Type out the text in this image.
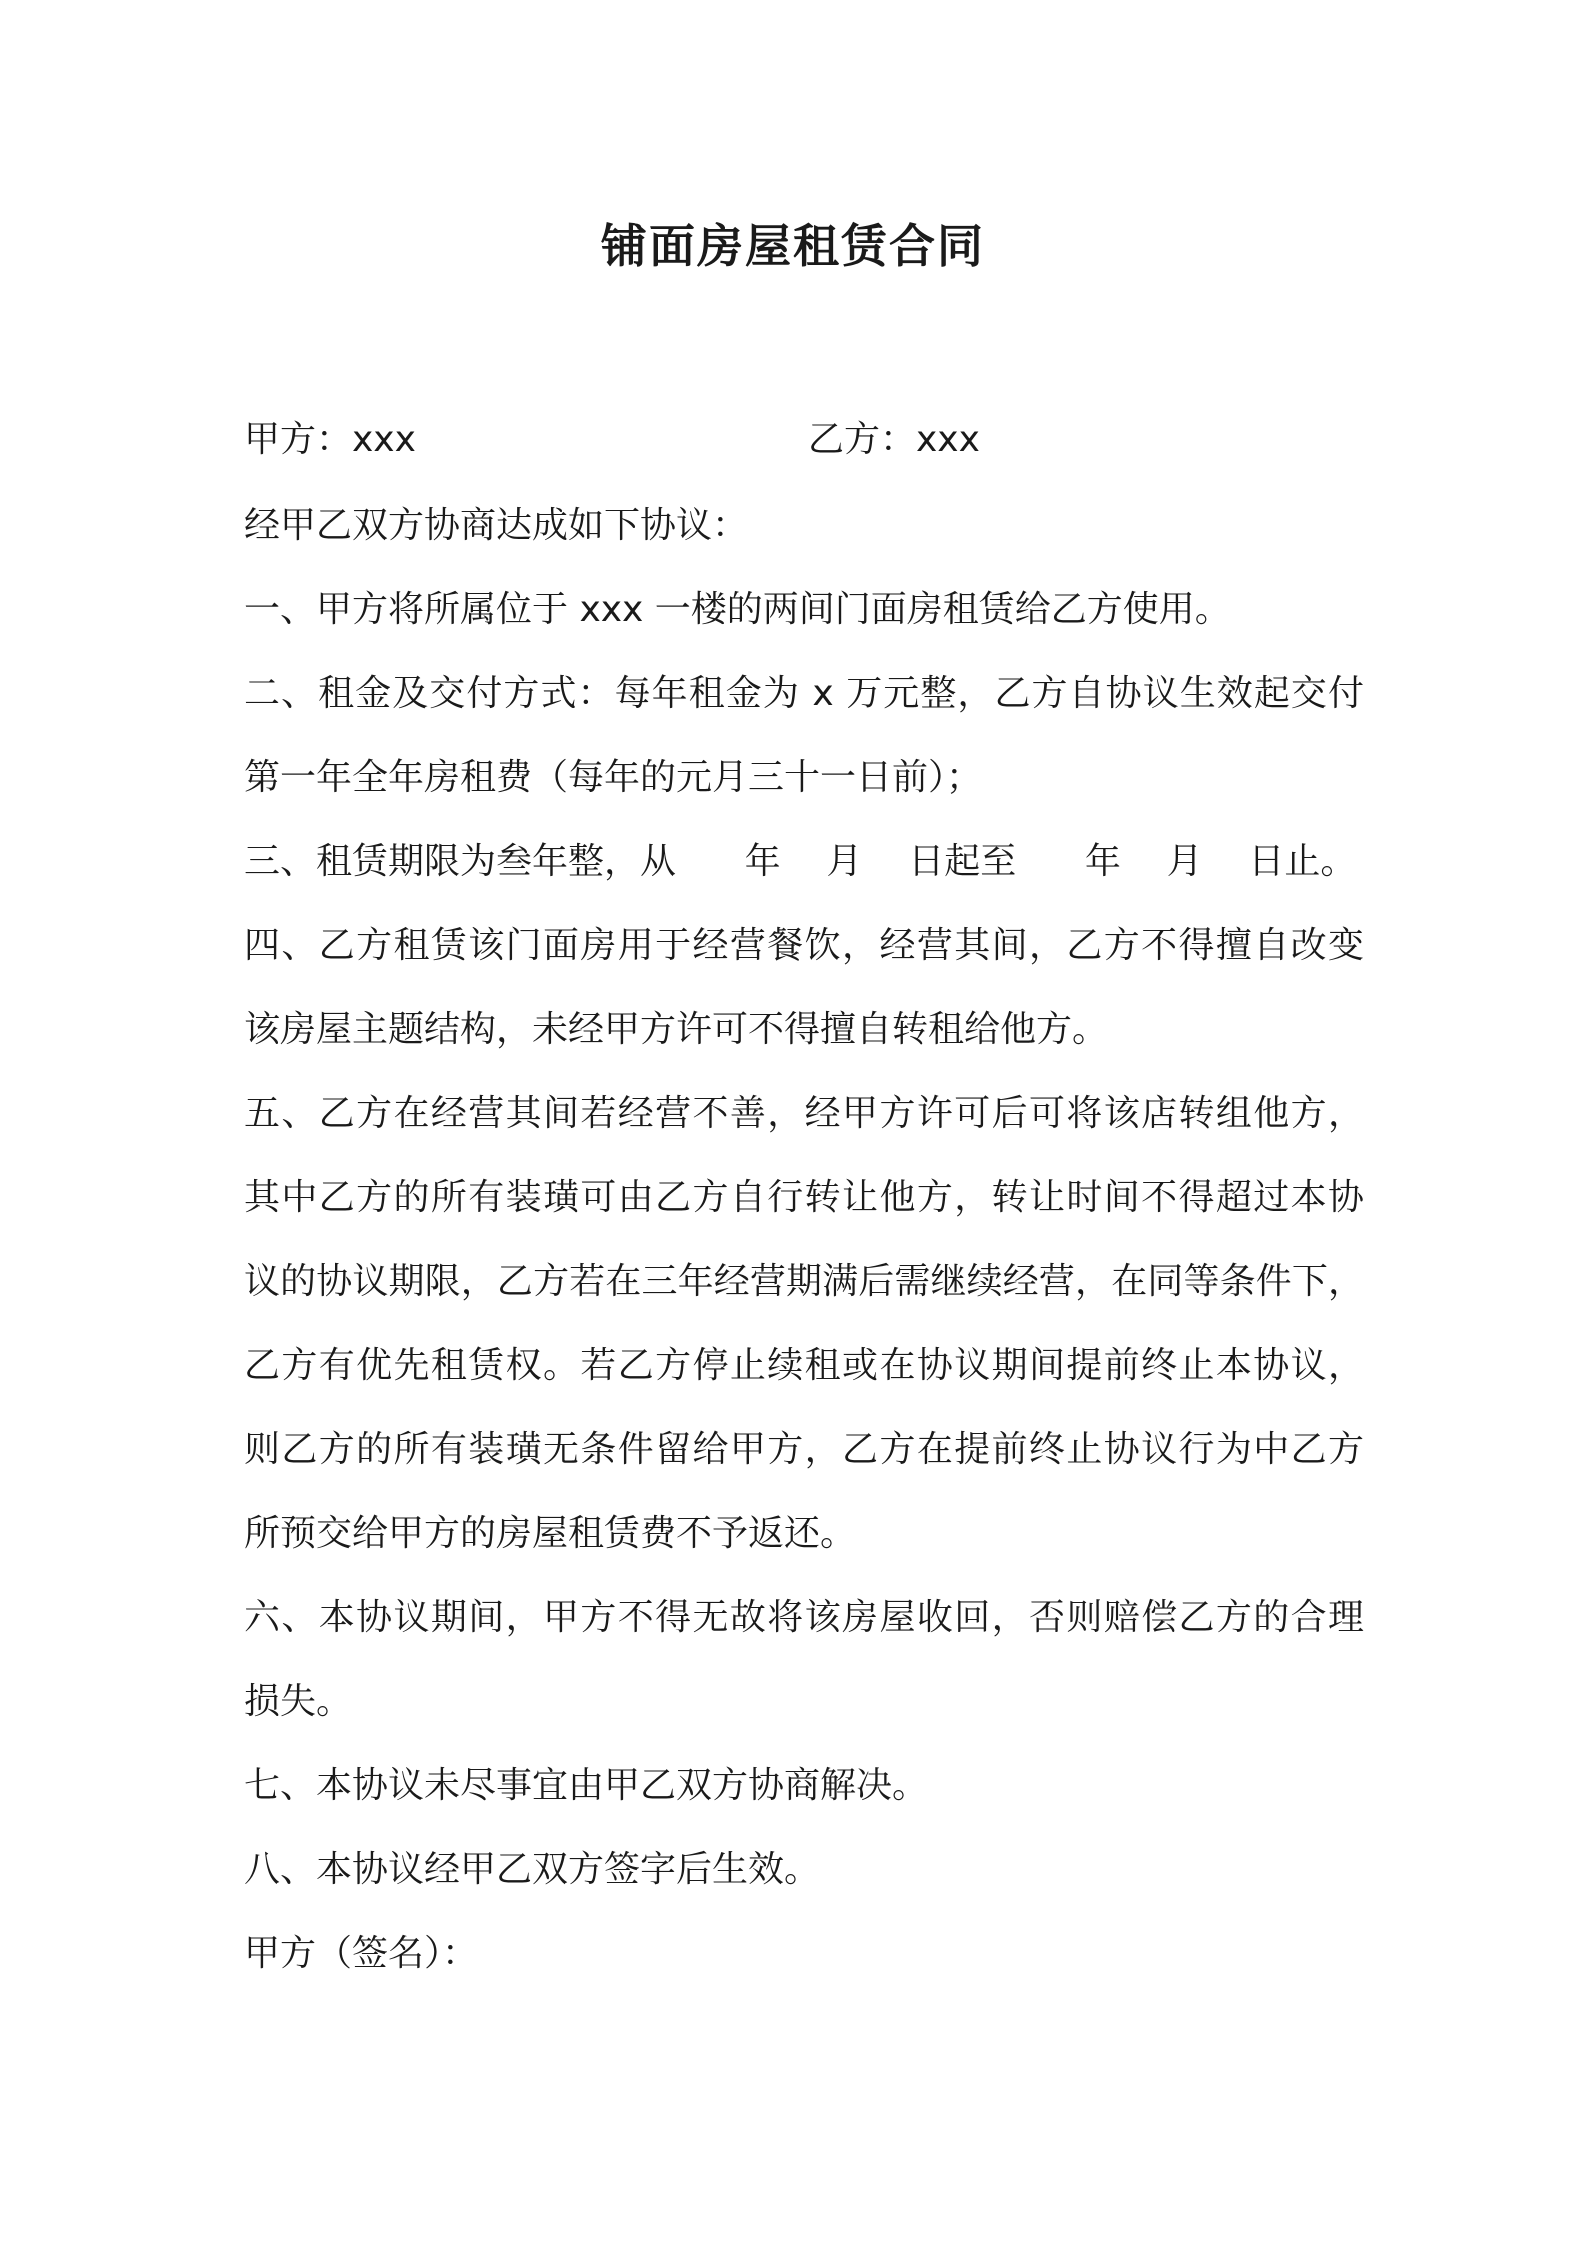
铺面房屋租赁合同
甲方：xxx	乙方：xxx
经甲乙双方协商达成如下协议：
一、甲方将所属位于 xxx 一楼的两间门面房租赁给乙方使用。
二、租金及交付方式：每年租金为 x 万元整，乙方自协议生效起交付
第一年全年房租费（每年的元月三十一日前）；
三、租赁期限为叁年整，从      年    月    日起至      年    月    日止。
四、乙方租赁该门面房用于经营餐饮，经营其间，乙方不得擅自改变
该房屋主题结构，未经甲方许可不得擅自转租给他方。
五、乙方在经营其间若经营不善，经甲方许可后可将该店转组他方，
其中乙方的所有装璜可由乙方自行转让他方，转让时间不得超过本协
议的协议期限，乙方若在三年经营期满后需继续经营，在同等条件下，
乙方有优先租赁权。若乙方停止续租或在协议期间提前终止本协议，
则乙方的所有装璜无条件留给甲方，乙方在提前终止协议行为中乙方
所预交给甲方的房屋租赁费不予返还。
六、本协议期间，甲方不得无故将该房屋收回，否则赔偿乙方的合理
损失。
七、本协议未尽事宜由甲乙双方协商解决。
八、本协议经甲乙双方签字后生效。
甲方（签名）：
